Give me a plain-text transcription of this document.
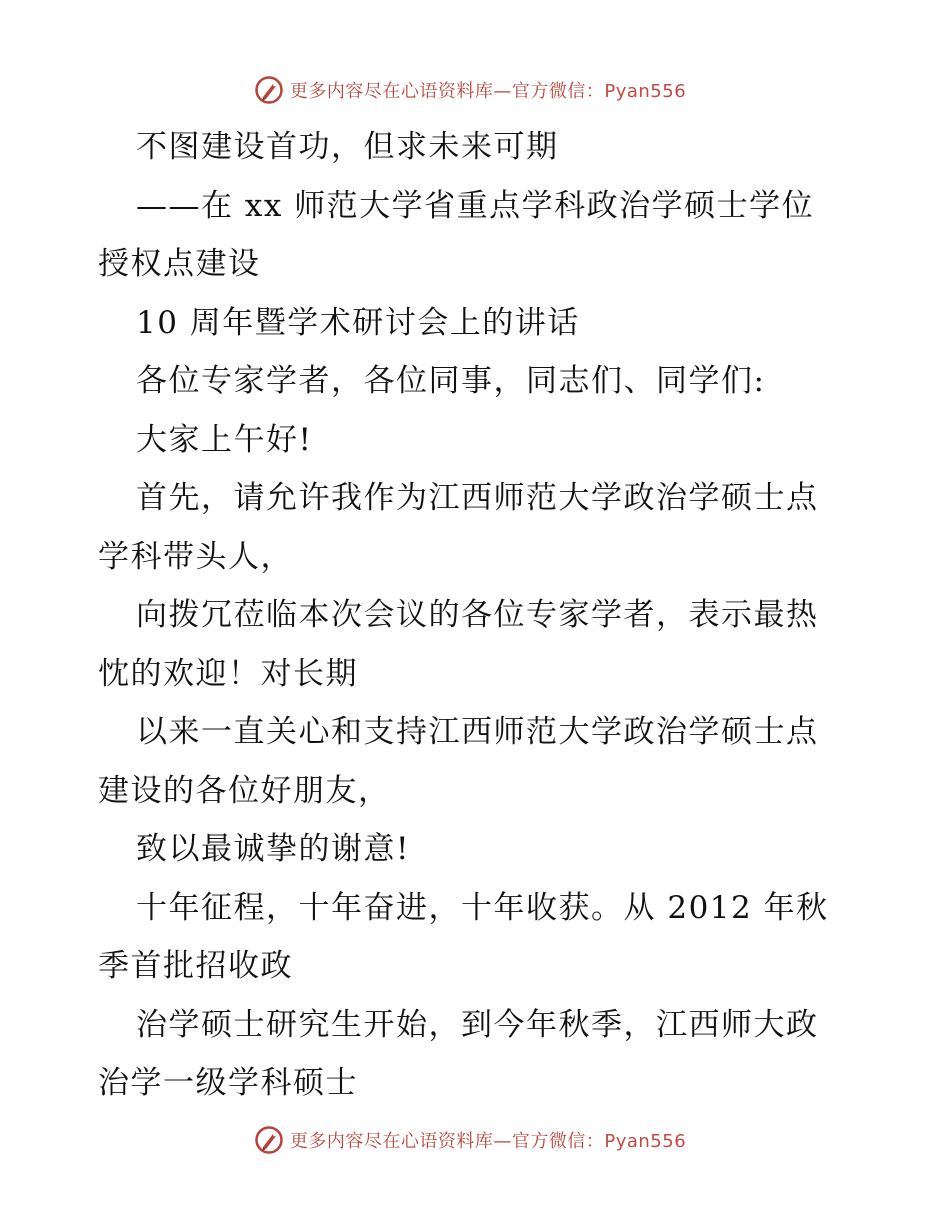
更多内容尽在心语资料库—官方微信：Pyan556
不图建设首功，但求未来可期
——在 xx 师范大学省重点学科政治学硕士学位
授权点建设
10 周年暨学术研讨会上的讲话
各位专家学者，各位同事，同志们、同学们:
大家上午好!
首先，请允许我作为江西师范大学政治学硕士点
学科带头人，
向拨冗莅临本次会议的各位专家学者，表示最热
忱的欢迎！对长期
以来一直关心和支持江西师范大学政治学硕士点
建设的各位好朋友，
致以最诚挚的谢意!
十年征程，十年奋进，十年收获。从 2012 年秋
季首批招收政
治学硕士研究生开始，到今年秋季，江西师大政
治学一级学科硕士
更多内容尽在心语资料库—官方微信：Pyan556
